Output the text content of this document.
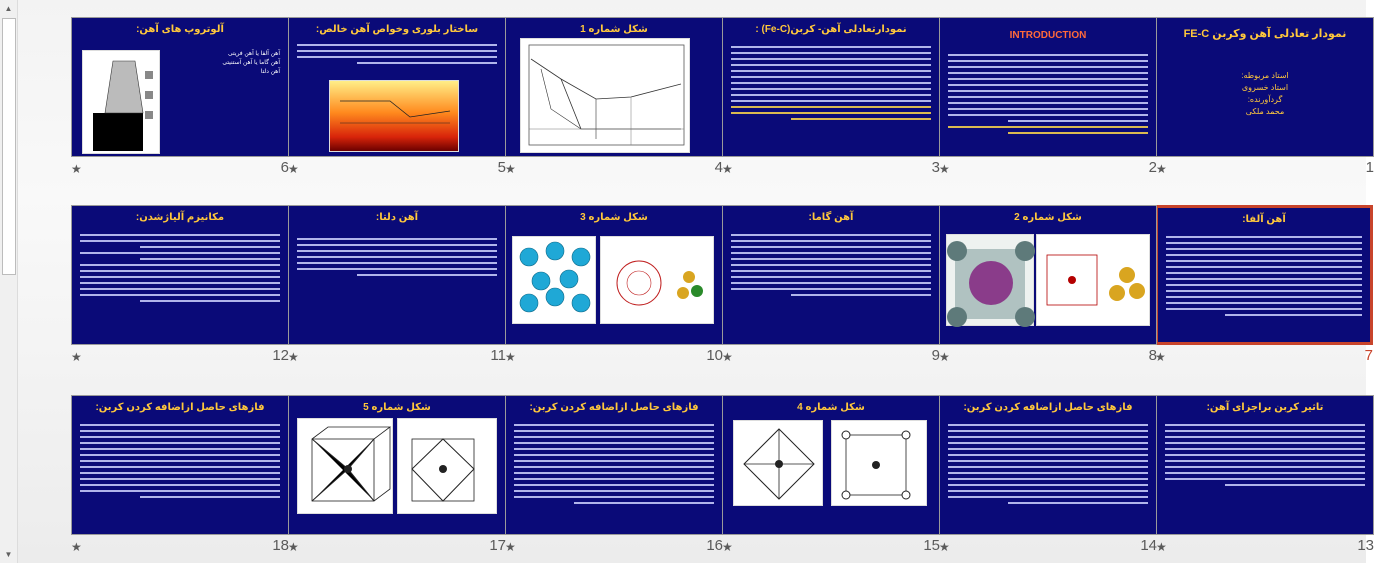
▲
▼
نمودار تعادلی آهن وکربن FE-C
استاد مربوطه:
استاد خسروی
گردآورنده:
محمد ملکی
★	1
INTRODUCTION
★	2
نمودارتعادلی آهن- کربن(Fe-C) :
★	3
شکل شماره 1
★	4
ساختار بلوری وخواص آهن خالص:
★	5
آلوتروپ های آهن:
آهن آلفا یا آهن فریتی
آهن گاما یا آهن آستنیتی
آهن دلتا
★	6
آهن آلفا:
★	7
شکل شماره 2
★	8
آهن گاما:
★	9
شکل شماره 3
★	10
آهن دلتا:
★	11
مکانیزم آلیاژشدن:
★	12
تاثیر کربن براجزای آهن:
★	13
فازهای حاصل ازاضافه کردن کربن:
★	14
شکل شماره 4
★	15
فازهای حاصل ازاضافه کردن کربن:
★	16
شکل شماره 5
★	17
فازهای حاصل ازاضافه کردن کربن:
★	18
